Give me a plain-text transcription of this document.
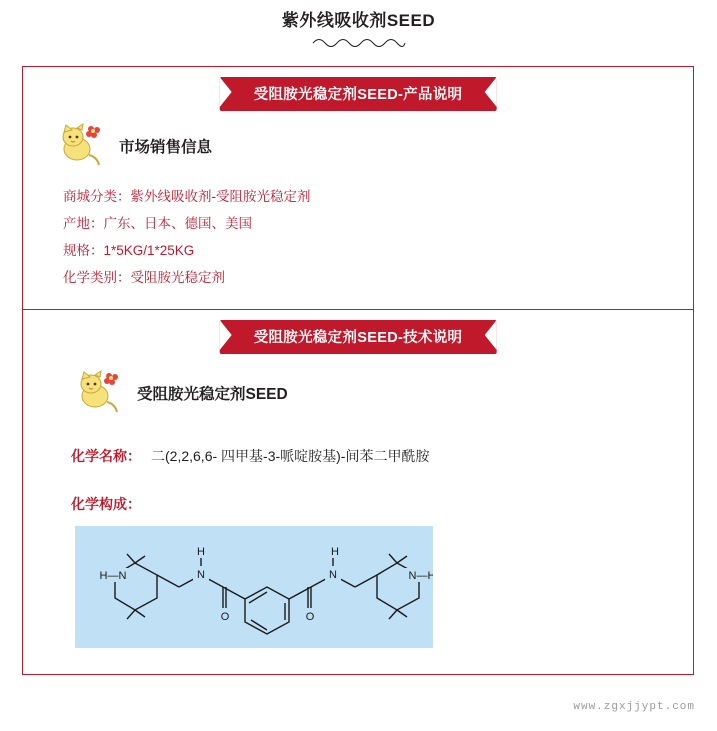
紫外线吸收剂SEED
受阻胺光稳定剂SEED-产品说明
市场销售信息
商城分类：紫外线吸收剂-受阻胺光稳定剂
产地：广东、日本、德国、美国
规格：1*5KG/1*25KG
化学类别：受阻胺光稳定剂
受阻胺光稳定剂SEED-技术说明
受阻胺光稳定剂SEED
化学名称： 二(2,2,6,6- 四甲基-3-哌啶胺基)-间苯二甲酰胺
化学构成：
H—N
H
N
O
H
N
O
N—H
www.zgxjjypt.com
